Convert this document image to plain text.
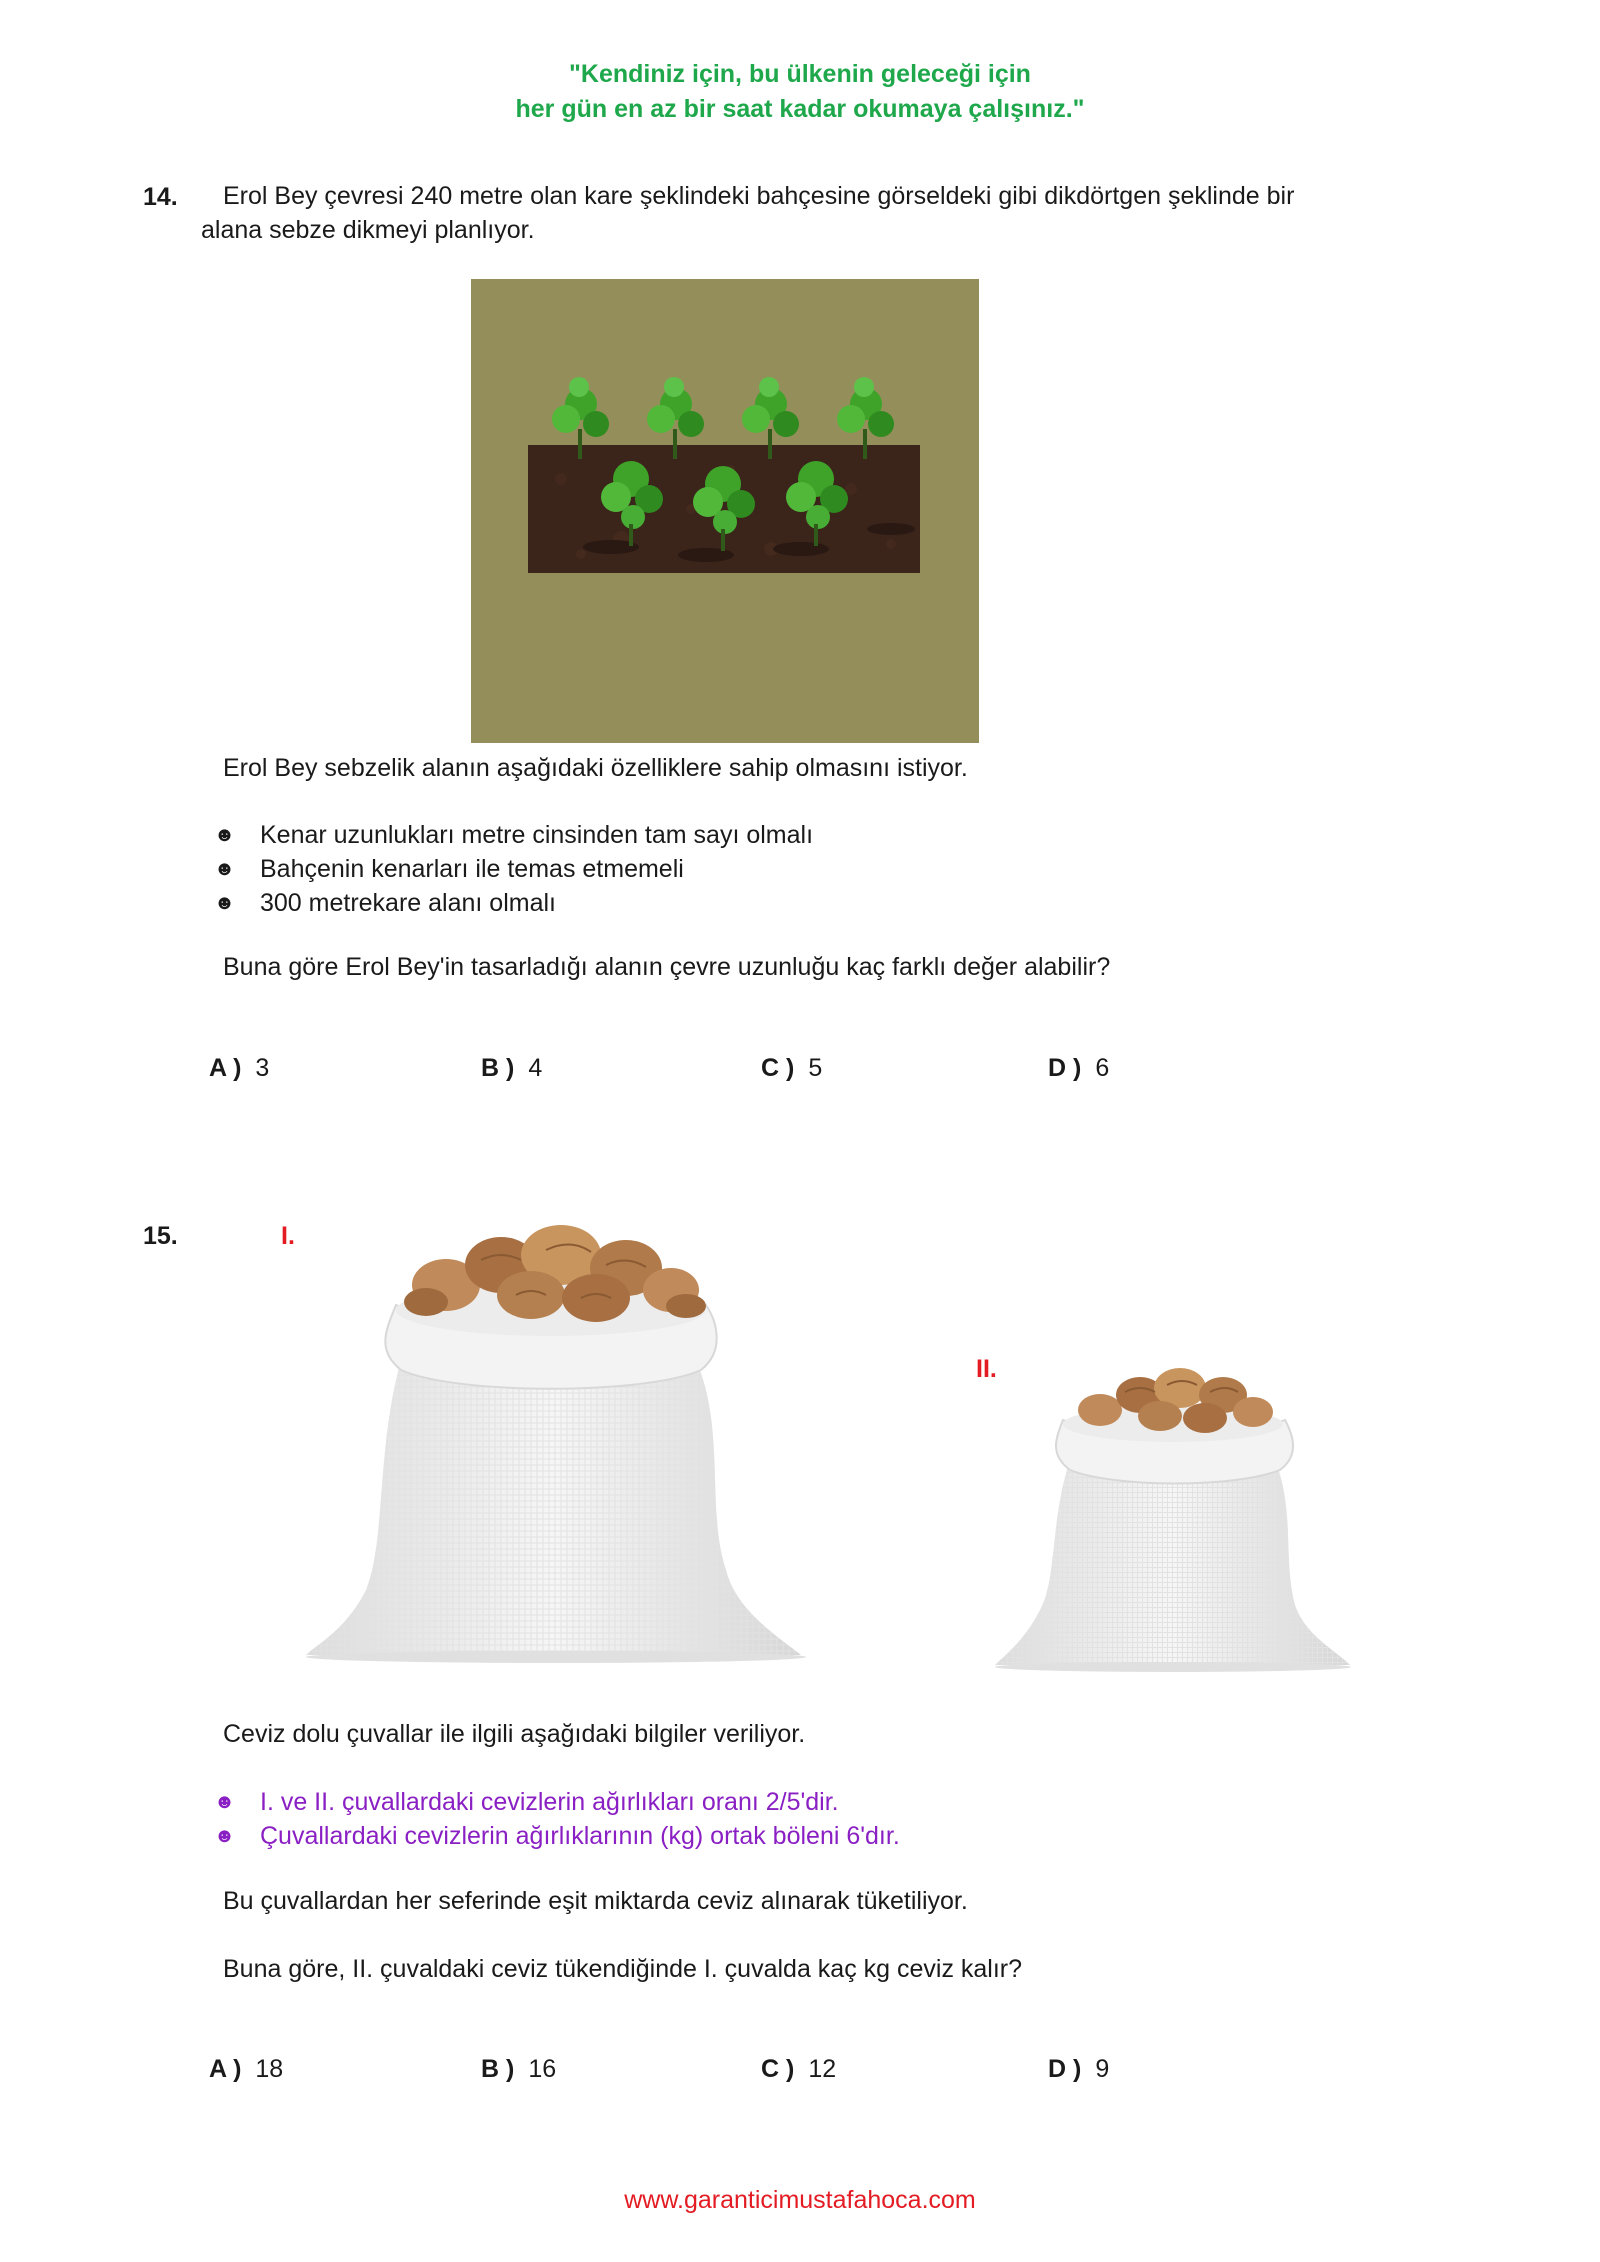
"Kendiniz için, bu ülkenin geleceği için
her gün en az bir saat kadar okumaya çalışınız."
14. Erol Bey çevresi 240 metre olan kare şeklindeki bahçesine görseldeki gibi dikdörtgen şeklinde bir
alana sebze dikmeyi planlıyor.
Erol Bey sebzelik alanın aşağıdaki özelliklere sahip olmasını istiyor.
☻ Kenar uzunlukları metre cinsinden tam sayı olmalı
☻ Bahçenin kenarları ile temas etmemeli
☻ 300 metrekare alanı olmalı
Buna göre Erol Bey'in tasarladığı alanın çevre uzunluğu kaç farklı değer alabilir?
A ) 3	B ) 4	C ) 5	D ) 6
15.	I.
II.
Ceviz dolu çuvallar ile ilgili aşağıdaki bilgiler veriliyor.
☻ I. ve II. çuvallardaki cevizlerin ağırlıkları oranı 2/5'dir.
☻ Çuvallardaki cevizlerin ağırlıklarının (kg) ortak böleni 6'dır.
Bu çuvallardan her seferinde eşit miktarda ceviz alınarak tüketiliyor.
Buna göre, II. çuvaldaki ceviz tükendiğinde I. çuvalda kaç kg ceviz kalır?
A ) 18	B ) 16	C ) 12	D ) 9
www.garanticimustafahoca.com
